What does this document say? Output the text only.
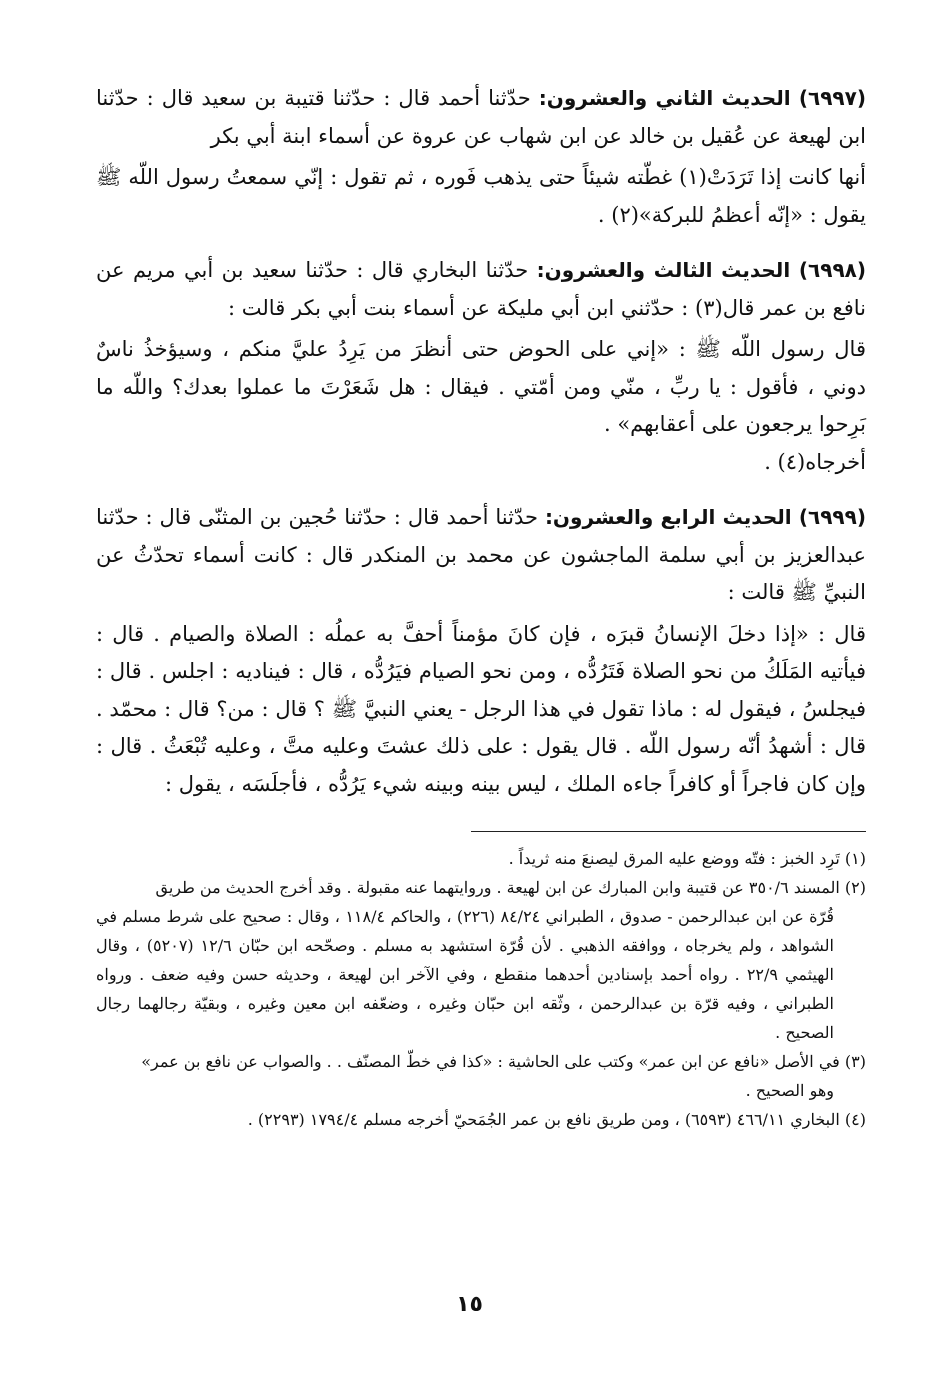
(٦٩٩٧) الحديث الثاني والعشرون: حدّثنا أحمد قال : حدّثنا قتيبة بن سعيد قال : حدّثنا ابن لهيعة عن عُقيل بن خالد عن ابن شهاب عن عروة عن أسماء ابنة أبي بكر

أنها كانت إذا تَرَدَتْ(١) غطّته شيئاً حتى يذهب فَوره ، ثم تقول : إنّي سمعتُ رسول اللّه ﷺ يقول : «إنّه أعظمُ للبركة»(٢) .

(٦٩٩٨) الحديث الثالث والعشرون: حدّثنا البخاري قال : حدّثنا سعيد بن أبي مريم عن نافع بن عمر قال(٣) : حدّثني ابن أبي مليكة عن أسماء بنت أبي بكر قالت :

قال رسول اللّه ﷺ : «إني على الحوض حتى أنظرَ من يَرِدُ عليَّ منكم ، وسيؤخذُ ناسٌ دوني ، فأقول : يا ربِّ ، منّي ومن أمّتي . فيقال : هل شَعَرْتَ ما عملوا بعدك؟ واللّه ما بَرِحوا يرجعون على أعقابهم» .

أخرجاه(٤) .

(٦٩٩٩) الحديث الرابع والعشرون: حدّثنا أحمد قال : حدّثنا حُجين بن المثنّى قال : حدّثنا عبدالعزيز بن أبي سلمة الماجشون عن محمد بن المنكدر قال : كانت أسماء تحدّثُ عن النبيِّ ﷺ قالت :

قال : «إذا دخلَ الإنسانُ قبرَه ، فإن كانَ مؤمناً أحفَّ به عملُه : الصلاة والصيام . قال : فيأتيه المَلَكُ من نحو الصلاة فَتَرُدُّه ، ومن نحو الصيام فيَرُدُّه ، قال : فيناديه : اجلس . قال : فيجلسُ ، فيقول له : ماذا تقول في هذا الرجل - يعني النبيَّ ﷺ ؟ قال : من؟ قال : محمّد . قال : أشهدُ أنّه رسول اللّه . قال يقول : على ذلك عشتَ وعليه متَّ ، وعليه تُبْعَثُ . قال : وإن كان فاجراً أو كافراً جاءه الملك ، ليس بينه وبينه شيء يَرُدُّه ، فأجلَسَه ، يقول :

(١) تَرِد الخبز : فتّه ووضع عليه المرق ليصنعَ منه ثريداً .

(٢) المسند ٣٥٠/٦ عن قتيبة وابن المبارك عن ابن لهيعة . وروايتهما عنه مقبولة . وقد أخرج الحديث من طريق
قُرّة عن ابن عبدالرحمن - صدوق ، الطبراني ٨٤/٢٤ (٢٢٦) ، والحاكم ١١٨/٤ ، وقال : صحيح على شرط مسلم في الشواهد ، ولم يخرجاه ، ووافقه الذهبي . لأن قُرّة استشهد به مسلم . وصحّحه ابن حبّان ١٢/٦ (٥٢٠٧) ، وقال الهيثمي ٢٢/٩ . رواه أحمد بإسنادين أحدهما منقطع ، وفي الآخر ابن لهيعة ، وحديثه حسن وفيه ضعف . ورواه الطبراني ، وفيه قرّة بن عبدالرحمن ، وثّقه ابن حبّان وغيره ، وضعّفه ابن معين وغيره ، وبقيّة رجالهما رجال الصحيح .

(٣) في الأصل «نافع عن ابن عمر» وكتب على الحاشية : «كذا في خطّ المصنّف . . والصواب عن نافع بن عمر»
وهو الصحيح .

(٤) البخاري ٤٦٦/١١ (٦٥٩٣) ، ومن طريق نافع بن عمر الجُمَحيّ أخرجه مسلم ١٧٩٤/٤ (٢٢٩٣) .

١٥
